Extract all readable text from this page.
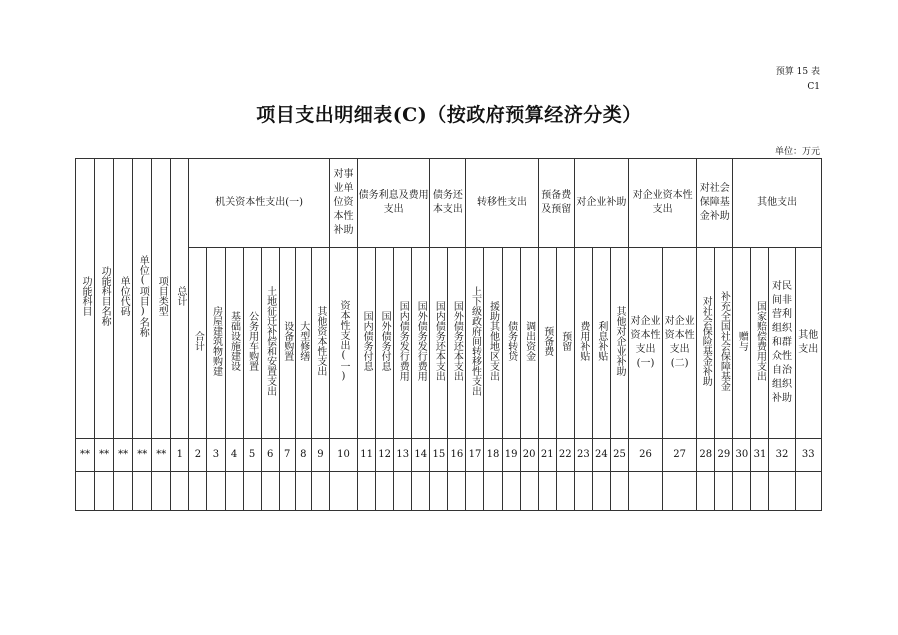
预算 15 表
C1
项目支出明细表(C)（按政府预算经济分类）
单位：万元
功能科目	功能科目名称	单位代码	单位(项目)名称	项目类型	总计	机关资本性支出(一)								对事业单位资本性补助	债务利息及费用支出				债务还本支出		转移性支出				预备费及预留		对企业补助			对企业资本性支出		对社会保障基金补助		其他支出			
						合计	房屋建筑物购建	基础设施建设	公务用车购置	土地征迁补偿和安置支出	设备购置	大型修缮	其他资本性支出	资本性支出(一)	国内债务付息	国外债务付息	国内债务发行费用	国外债务发行费用	国内债务还本支出	国外债务还本支出	上下级政府间转移性支出	援助其他地区支出	债务转贷	调出资金	预备费	预留	费用补贴	利息补贴	其他对企业补助	对企业资本性支出(一)	对企业资本性支出(二)	对社会保险基金补助	补充全国社会保障基金	赠与	国家赔偿费用支出	对民间非营利 组织和群众性 自治组织补助	其他支出
**	**	**	**	**	1	2	3	4	5	6	7	8	9	10	11	12	13	14	15	16	17	18	19	20	21	22	23	24	25	26	27	28	29	30	31	32	33
